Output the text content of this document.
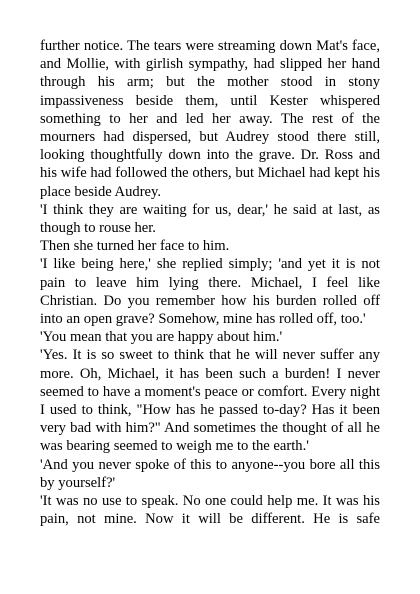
further notice. The tears were streaming down Mat's face, and Mollie, with girlish sympathy, had slipped her hand through his arm; but the mother stood in stony impassiveness beside them, until Kester whispered something to her and led her away. The rest of the mourners had dispersed, but Audrey stood there still, looking thoughtfully down into the grave. Dr. Ross and his wife had followed the others, but Michael had kept his place beside Audrey.

'I think they are waiting for us, dear,' he said at last, as though to rouse her.

Then she turned her face to him.

'I like being here,' she replied simply; 'and yet it is not pain to leave him lying there. Michael, I feel like Christian. Do you remember how his burden rolled off into an open grave? Somehow, mine has rolled off, too.'

'You mean that you are happy about him.'

'Yes. It is so sweet to think that he will never suffer any more. Oh, Michael, it has been such a burden! I never seemed to have a moment's peace or comfort. Every night I used to think, "How has he passed to-day? Has it been very bad with him?" And sometimes the thought of all he was bearing seemed to weigh me to the earth.'

'And you never spoke of this to anyone--you bore all this by yourself?'

'It was no use to speak. No one could help me. It was his pain, not mine. Now it will be different. He is safe
